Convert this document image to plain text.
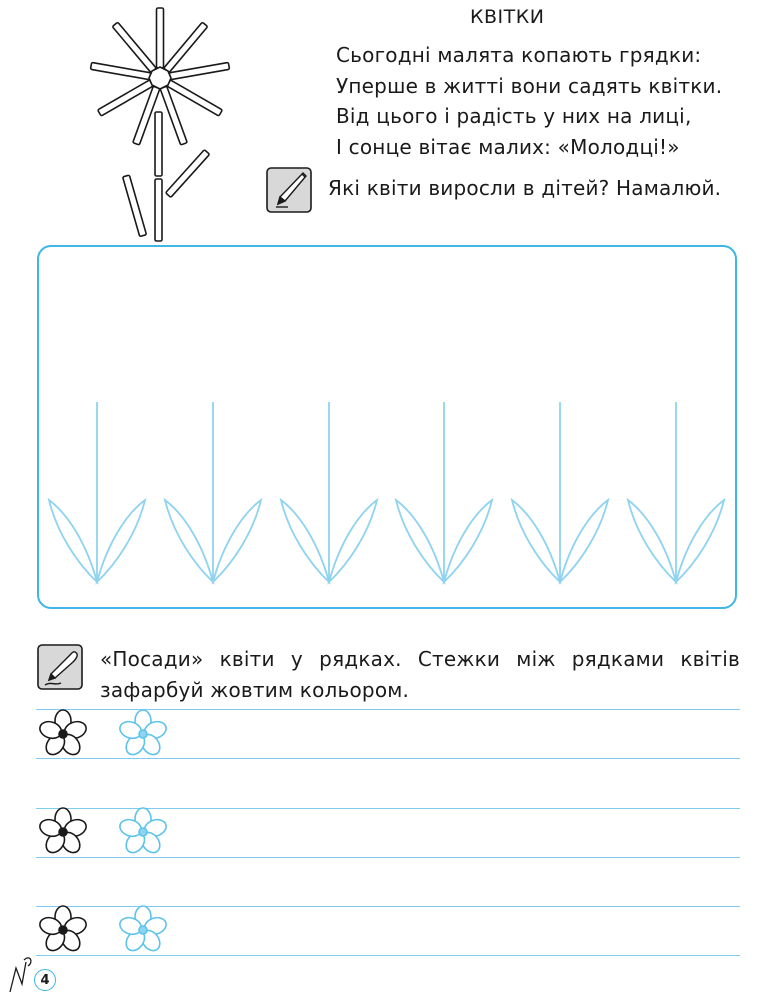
КВІТКИ
Сьогодні малята копають грядки:
Уперше в житті вони садять квітки.
Від цього і радість у них на лиці,
І сонце вітає малих: «Молодці!»
Які квіти виросли в дітей? Намалюй.
«Посади» квіти у рядках. Стежки між рядками квітів зафарбуй жовтим кольором.
4
